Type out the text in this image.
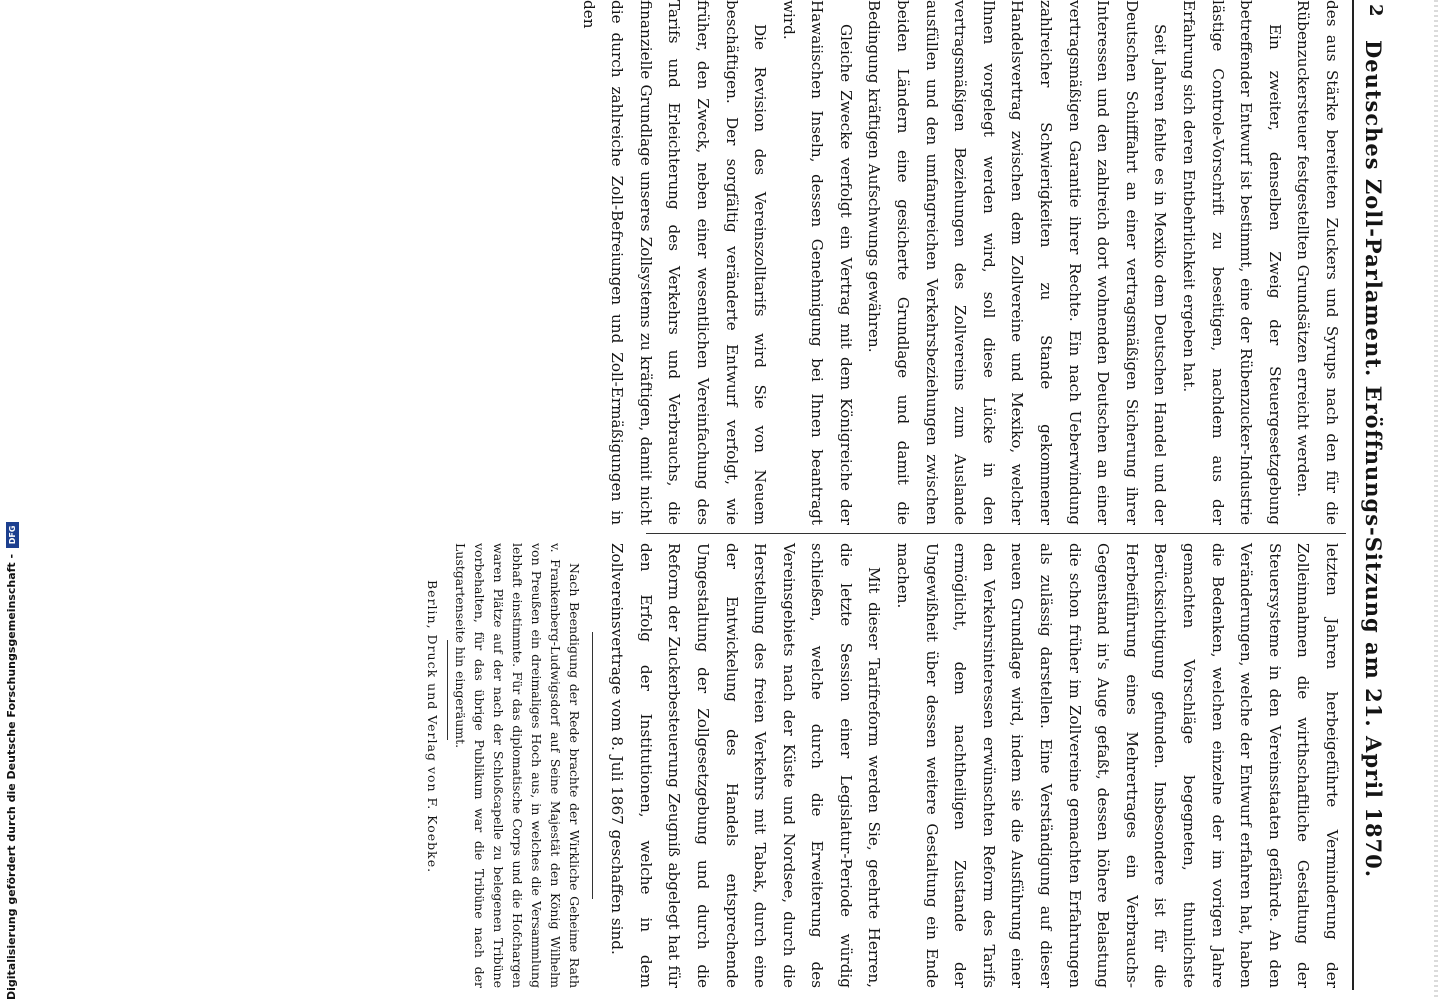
2
Deutsches Zoll-Parlament. Eröffnungs-Sitzung am 21. April 1870.

des aus Stärke bereiteten Zuckers und Syrups nach den für die Rübenzuckersteuer festgestellten Grundsätzen erreicht werden.

Ein zweiter, denselben Zweig der Steuergesetzgebung betreffender Entwurf ist bestimmt, eine der Rübenzucker-Industrie lästige Controle-Vorschrift zu beseitigen, nachdem aus der Erfahrung sich deren Entbehrlichkeit ergeben hat.

Seit Jahren fehlte es in Mexiko dem Deutschen Handel und der Deutschen Schifffahrt an einer vertragsmäßigen Sicherung ihrer Interessen und den zahlreich dort wohnenden Deutschen an einer vertragsmäßigen Garantie ihrer Rechte. Ein nach Ueberwindung zahlreicher Schwierigkeiten zu Stande gekommener Handelsvertrag zwischen dem Zollvereine und Mexiko, welcher Ihnen vorgelegt werden wird, soll diese Lücke in den vertragsmäßigen Beziehungen des Zollvereins zum Auslande ausfüllen und den umfangreichen Verkehrsbeziehungen zwischen beiden Ländern eine gesicherte Grundlage und damit die Bedingung kräftigen Aufschwungs gewähren.

Gleiche Zwecke verfolgt ein Vertrag mit dem Königreiche der Hawaiischen Inseln, dessen Genehmigung bei Ihnen beantragt wird.

Die Revision des Vereinszolltarifs wird Sie von Neuem beschäftigen. Der sorgfältig veränderte Entwurf verfolgt, wie früher, den Zweck, neben einer wesentlichen Vereinfachung des Tarifs und Erleichterung des Verkehrs und Verbrauchs, die finanzielle Grundlage unseres Zollsystems zu kräftigen, damit nicht die durch zahlreiche Zoll-Befreiungen und Zoll-Ermäßigungen in den

letzten Jahren herbeigeführte Verminderung der Zolleinnahmen die wirthschaftliche Gestaltung der Steuersysteme in den Vereinsstaaten gefährde. An den Veränderungen, welche der Entwurf erfahren hat, haben die Bedenken, welchen einzelne der im vorigen Jahre gemachten Vorschläge begegneten, thunlichste Berücksichtigung gefunden. Insbesondere ist für die Herbeiführung eines Mehrertrages ein Verbrauchs-Gegenstand in's Auge gefaßt, dessen höhere Belastung die schon früher im Zollvereine gemachten Erfahrungen als zulässig darstellen. Eine Verständigung auf dieser neuen Grundlage wird, indem sie die Ausführung einer den Verkehrsinteressen erwünschten Reform des Tarifs ermöglicht, dem nachtheiligen Zustande der Ungewißheit über dessen weitere Gestaltung ein Ende machen.

Mit dieser Tarifreform werden Sie, geehrte Herren, die letzte Session einer Legislatur-Periode würdig schließen, welche durch die Erweiterung des Vereinsgebiets nach der Küste und Nordsee, durch die Herstellung des freien Verkehrs mit Tabak, durch eine der Entwickelung des Handels entsprechende Umgestaltung der Zollgesetzgebung und durch die Reform der Zuckerbesteuerung Zeugniß abgelegt hat für den Erfolg der Institutionen, welche in dem Zollvereinsvertrage vom 8. Juli 1867 geschaffen sind.

Nach Beendigung der Rede brachte der Wirkliche Geheime Rath v. Frankenberg-Ludwigsdorf auf Seine Majestät den König Wilhelm von Preußen ein dreimaliges Hoch aus, in welches die Versammlung lebhaft einstimmte. Für das diplomatische Corps und die Hofchargen waren Plätze auf der nach der Schloßcapelle zu belegenen Tribüne vorbehalten, für das übrige Publikum war die Tribüne nach der Lustgartenseite hin eingeräumt.

Berlin, Druck und Verlag von F. Koebke.
Digitalisierung gefördert durch die Deutsche Forschungsgemeinschaft -DFG
